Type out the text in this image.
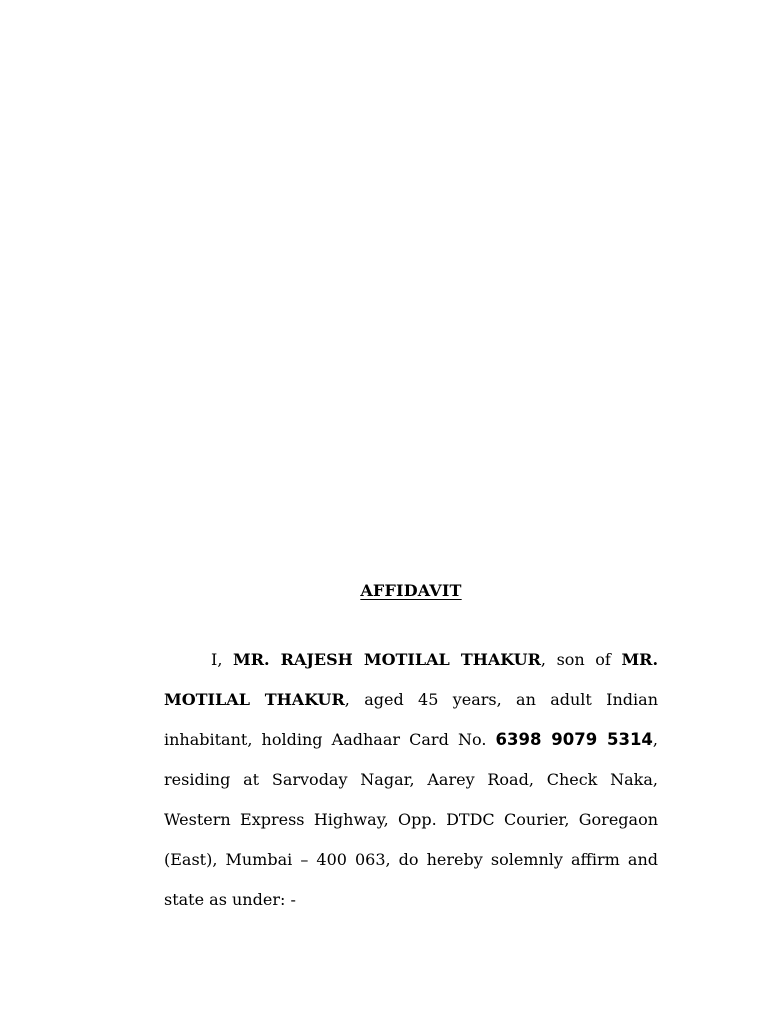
AFFIDAVIT

I, MR. RAJESH MOTILAL THAKUR, son of MR. MOTILAL THAKUR, aged 45 years, an adult Indian inhabitant, holding Aadhaar Card No. 6398 9079 5314, residing at Sarvoday Nagar, Aarey Road, Check Naka, Western Express Highway, Opp. DTDC Courier, Goregaon (East), Mumbai – 400 063, do hereby solemnly affirm and state as under: -
